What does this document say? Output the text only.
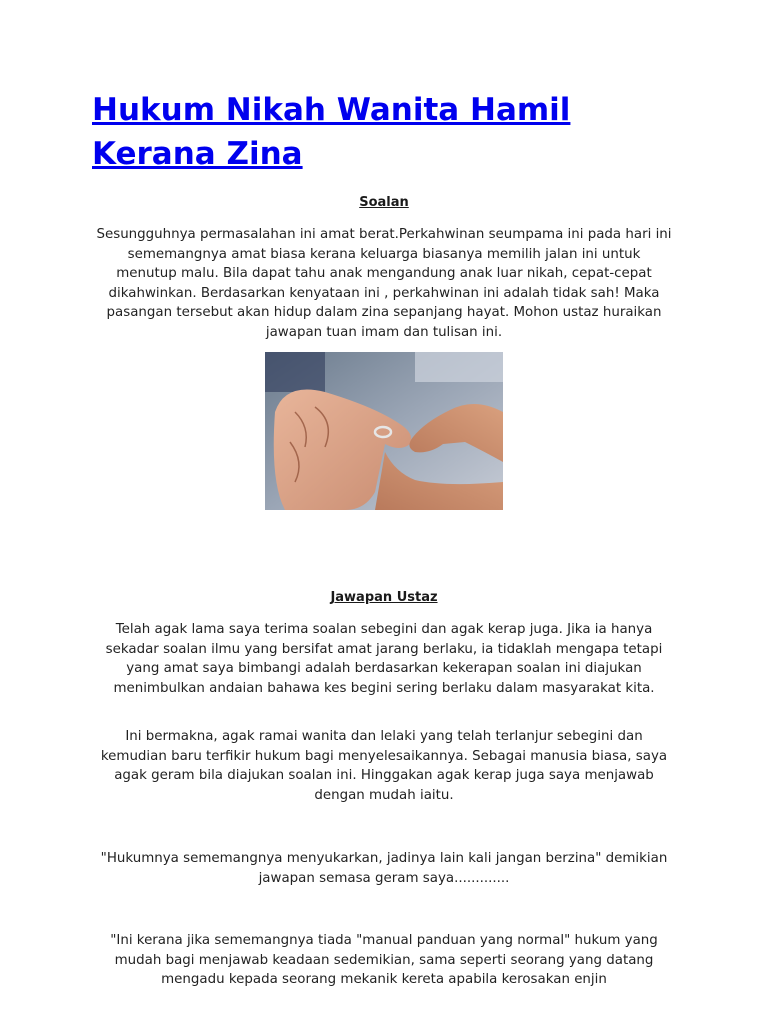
Hukum Nikah Wanita Hamil Kerana Zina
Soalan

Sesungguhnya permasalahan ini amat berat.Perkahwinan seumpama ini pada hari ini sememangnya amat biasa kerana keluarga biasanya memilih jalan ini untuk menutup malu. Bila dapat tahu anak mengandung anak luar nikah, cepat-cepat dikahwinkan. Berdasarkan kenyataan ini , perkahwinan ini adalah tidak sah! Maka pasangan tersebut akan hidup dalam zina sepanjang hayat. Mohon ustaz huraikan jawapan tuan imam dan tulisan ini.

Jawapan Ustaz

Telah agak lama saya terima soalan sebegini dan agak kerap juga. Jika ia hanya sekadar soalan ilmu yang bersifat amat jarang berlaku, ia tidaklah mengapa tetapi yang amat saya bimbangi adalah berdasarkan kekerapan soalan ini diajukan menimbulkan andaian bahawa kes begini sering berlaku dalam masyarakat kita.

Ini bermakna, agak ramai wanita dan lelaki yang telah terlanjur sebegini dan kemudian baru terfikir hukum bagi menyelesaikannya. Sebagai manusia biasa, saya agak geram bila diajukan soalan ini. Hinggakan agak kerap juga saya menjawab dengan mudah iaitu.

"Hukumnya sememangnya menyukarkan, jadinya lain kali jangan berzina" demikian jawapan semasa geram saya.............

"Ini kerana jika sememangnya tiada "manual panduan yang normal" hukum yang mudah bagi menjawab keadaan sedemikian, sama seperti seorang yang datang mengadu kepada seorang mekanik kereta apabila kerosakan enjin
